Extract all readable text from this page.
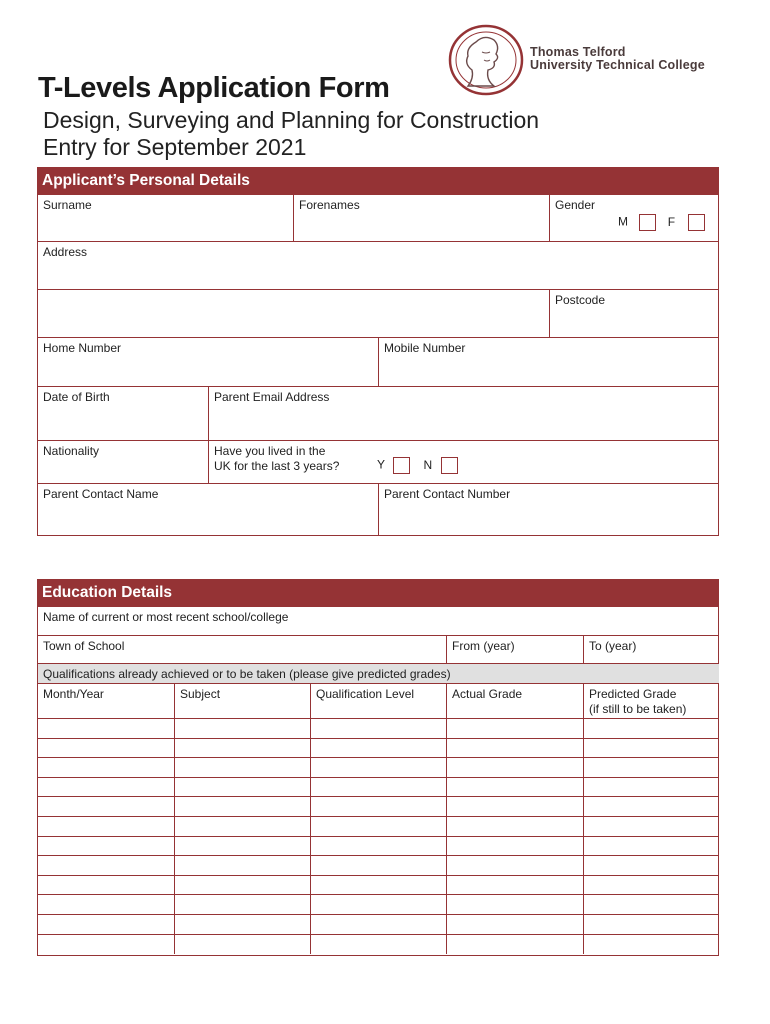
Thomas Telford
University Technical College
T-Levels Application Form
Design, Surveying and Planning for Construction
Entry for September 2021
Applicant’s Personal Details
Surname	Forenames	Gender
M	F
Address
Postcode
Home Number	Mobile Number
Date of Birth	Parent Email Address
Nationality	Have you lived in the
UK for the last 3 years?	Y	N
Parent Contact Name	Parent Contact Number
Education Details
Name of current or most recent school/college
Town of School	From (year)	To (year)
Qualifications already achieved or to be taken (please give predicted grades)
Month/Year	Subject	Qualification Level	Actual Grade	Predicted Grade
(if still to be taken)
